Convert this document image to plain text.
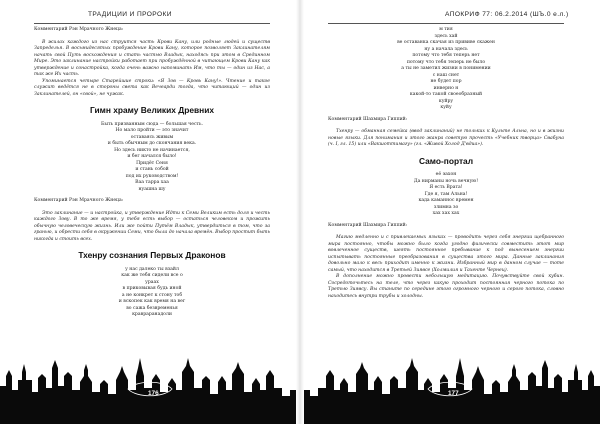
ТРАДИЦИИ И ПРОРОКИ

Комментарий Рэн Мрачного Жнеца:

В жилах каждого из нас струится часть Крови Кану, или родные людей и существ Запределья. В восьмидесятых пробуждение Крови Кану, которое позволяет Заклинателям начать свой Путь восхождения и стать частью Владык, находясь при этом в Срединном Мире. Это заклинание настройки работает при пробуждённой в читающем Крови Кану как утверждение и сонастройка, когда очень важно напоминать Им, что ты — один из Нас, а так же Их часть.

Упоминается четыре Старейшие строки: «Я Зов — Кровь Кану!». Чтение и такое служит ведётся не в стороны света как Вечеарди тогда, что читающий — один из Заклинателей, он «свой», не чужак.

Гимн храму Великих Древних
Быть призванным сюда — большая честь.
Но мало пройти — это значит
оставаясь живым
и быть обычным до скончания века.
Но здесь никто не начинается,
и бег начался было!
Придёт Сеня
и стань собой
под их руководством!
Ваа тарра хаа
нуашна шу

Комментарий Рэн Мрачного Жнеца:

Это заклинание — и настройка, и утверждение Идти к Семи Великим есть доля и честь каждого Зову. В то же время, у тебя есть выбор — остаться человеком и прожить обычную человеческую жизнь. Или же пойти Путём Владык, утвердиться в том, что за гранью, и обрести себя в окружении Семи, что была до начала времён. Выбор простит быть никогда и стоить всех.

Тхенру сознания Первых Драконов
у нас далеко ты взайл
как же тебя сидели все о
ураах
в приковывая будь иной
а не конкрет к стону тоб
и вскопек как время на вег
во сажа безвременья
кравраранадоли
АПОКРИФ 77: 06.2.2014 (ШЪ.0 е.л.)
м тия
здесь хай
ве оставанка скачая из прививе скажен
ну а начала здесь
потому что тебя теперь нет
потому что тебя теперь не было
а ты не заметил жизни в понимении
с наш снет
не будет пор
инверно н
какой-то такой своеобразный
куйру
куйу

Комментарий Шахмира Гиппий:

Тхенру — обманная семейка (ввод заклинаний) не тольких к Культе Альна, но и в жизни новые языки. Для понимания и этого жанра советую прочесть «Учебник творца» Свабуна (ч. I, гл. 15) или «Вакшоттимагу» (гл. «Живой Холод Д'вдиа»).

Само-портал
её эахон
Да нирманы ночь вечную!
Я есть Врата!
Где я, там Альна!
када каманнос времен
злимна зо
хах хах хах

Комментарий Шахмира Гиппий:

Магию медленно и с привлекаемых языках — проводить через себя энергии щебранного мира постоянно, чтобы можно было когда угодно физически совместить этот мир вовлеченное существ, шеять постоянное пребывание к под вынесением энергии испытывать постоянные преобразования в существа этого мира. Данные заклинания довольно мало к весь приходит именно к жизни. Избранный мир в данном случае — тоте самый, что находится в Третьей Зиявсе (Холмилия и Тахенте Чернец).

В дополнение можно провести небольшую медитацию. Почувствуйте свой кубин. Сосредоточьтесь на теле, что через какую проходит постоянная черного потока по Третью Зиявсу. Вы станите по середине этого огромного черного и серого потока, словно находитесь внутри трубы и холодны.

176	177
